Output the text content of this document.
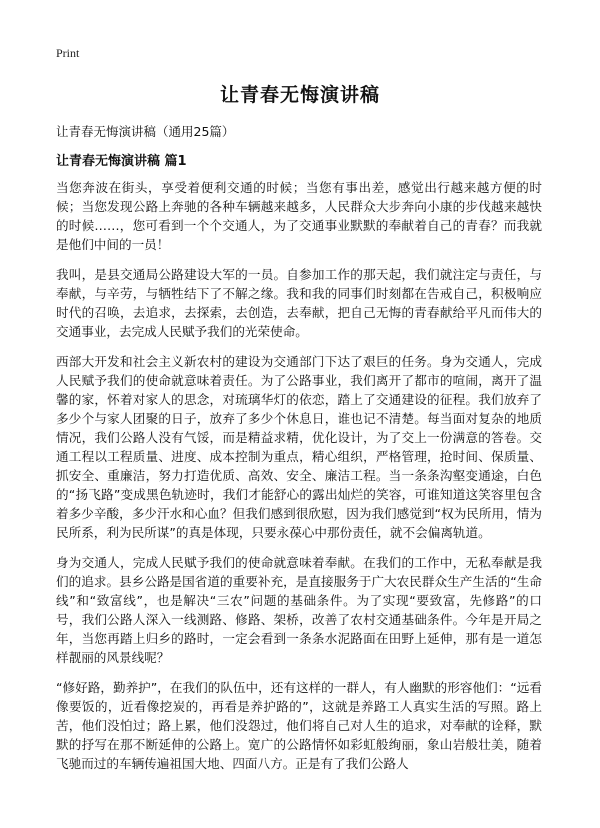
Print
让青春无悔演讲稿

让青春无悔演讲稿（通用25篇）

让青春无悔演讲稿 篇1

当您奔波在街头，享受着便利交通的时候；当您有事出差，感觉出行越来越方便的时候；当您发现公路上奔驰的各种车辆越来越多，人民群众大步奔向小康的步伐越来越快的时候……，您可看到一个个交通人，为了交通事业默默的奉献着自己的青春？而我就是他们中间的一员！

我叫，是县交通局公路建设大军的一员。自参加工作的那天起，我们就注定与责任，与奉献，与辛劳，与牺牲结下了不解之缘。我和我的同事们时刻都在告戒自己，积极响应时代的召唤，去追求，去探索，去创造，去奉献，把自己无悔的青春献给平凡而伟大的交通事业，去完成人民赋予我们的光荣使命。

西部大开发和社会主义新农村的建设为交通部门下达了艰巨的任务。身为交通人，完成人民赋予我们的使命就意味着责任。为了公路事业，我们离开了都市的喧闹，离开了温馨的家，怀着对家人的思念，对琉璃华灯的依恋，踏上了交通建设的征程。我们放弃了多少个与家人团聚的日子，放弃了多少个休息日，谁也记不清楚。每当面对复杂的地质情况，我们公路人没有气馁，而是精益求精，优化设计，为了交上一份满意的答卷。交通工程以工程质量、进度、成本控制为重点，精心组织，严格管理，抢时间、保质量、抓安全、重廉洁，努力打造优质、高效、安全、廉洁工程。当一条条沟壑变通途，白色的“扬飞路”变成黑色轨迹时，我们才能舒心的露出灿烂的笑容，可谁知道这笑容里包含着多少辛酸，多少汗水和心血？但我们感到很欣慰，因为我们感觉到“权为民所用，情为民所系，利为民所谋”的真是体现，只要永葆心中那份责任，就不会偏离轨道。

身为交通人，完成人民赋予我们的使命就意味着奉献。在我们的工作中，无私奉献是我们的追求。县乡公路是国省道的重要补充，是直接服务于广大农民群众生产生活的“生命线”和“致富线”，也是解决“三农”问题的基础条件。为了实现“要致富，先修路”的口号，我们公路人深入一线测路、修路、架桥，改善了农村交通基础条件。今年是开局之年，当您再踏上归乡的路时，一定会看到一条条水泥路面在田野上延伸，那有是一道怎样靓丽的风景线呢？

“修好路，勤养护”，在我们的队伍中，还有这样的一群人，有人幽默的形容他们：“远看像要饭的，近看像挖炭的，再看是养护路的”，这就是养路工人真实生活的写照。路上苦，他们没怕过；路上累，他们没怨过，他们将自己对人生的追求，对奉献的诠释，默默的抒写在那不断延伸的公路上。宽广的公路情怀如彩虹般绚丽，象山岩般壮美，随着飞驰而过的车辆传遍祖国大地、四面八方。正是有了我们公路人
